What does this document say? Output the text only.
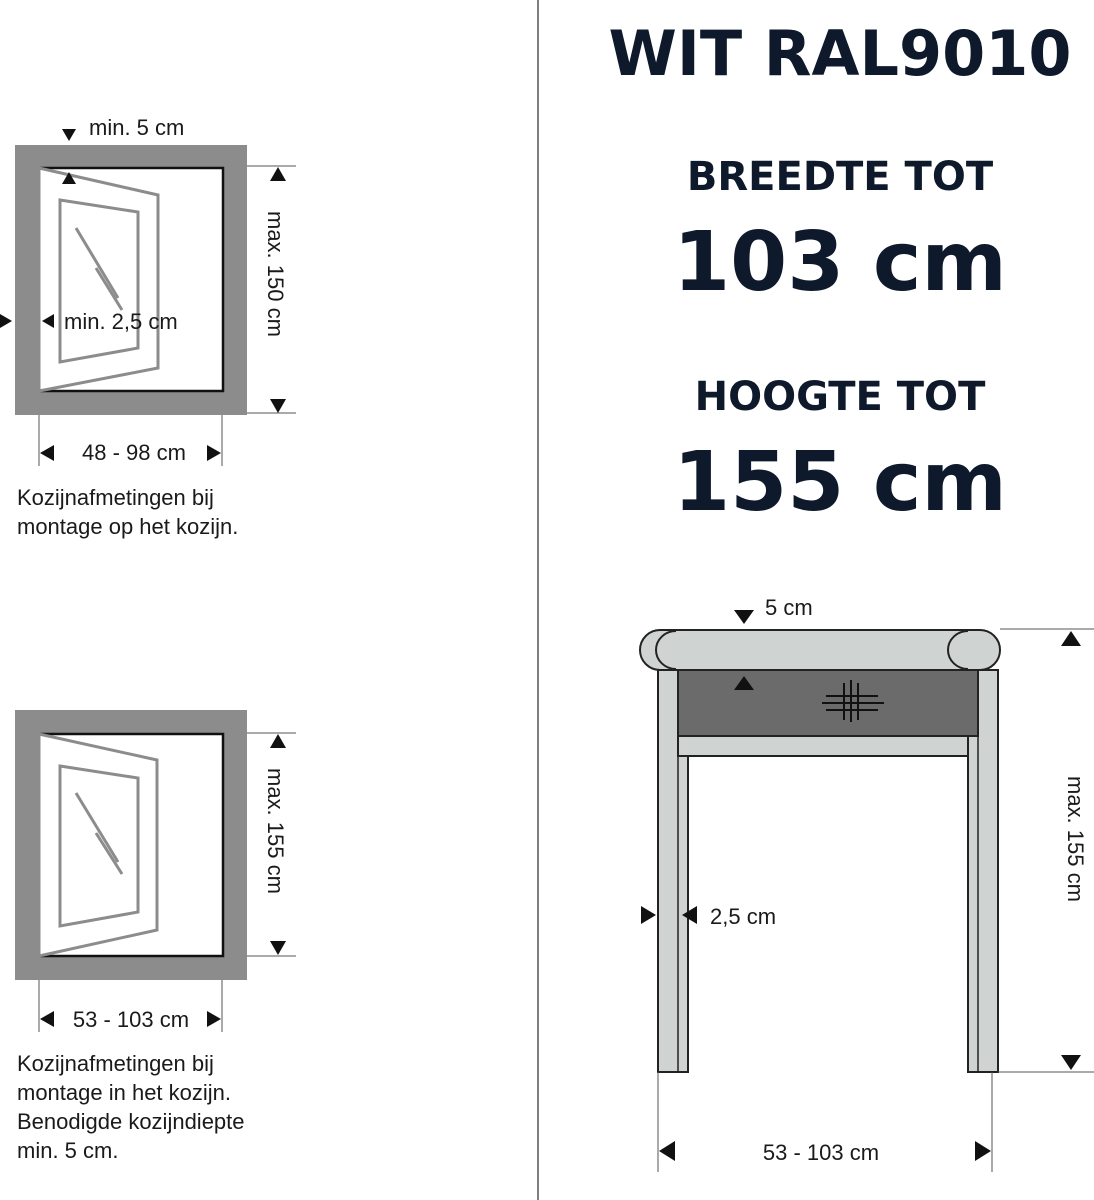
WIT RAL9010
BREEDTE TOT
103 cm
HOOGTE TOT
155 cm
min. 5 cm
min. 2,5 cm	max. 150 cm
48 - 98 cm
max. 155 cm
53 - 103 cm
5 cm
2,5 cm
max. 155 cm
53 - 103 cm
Kozijnafmetingen bij
montage op het kozijn.
Kozijnafmetingen bij
montage in het kozijn.
Benodigde kozijndiepte
min. 5 cm.
